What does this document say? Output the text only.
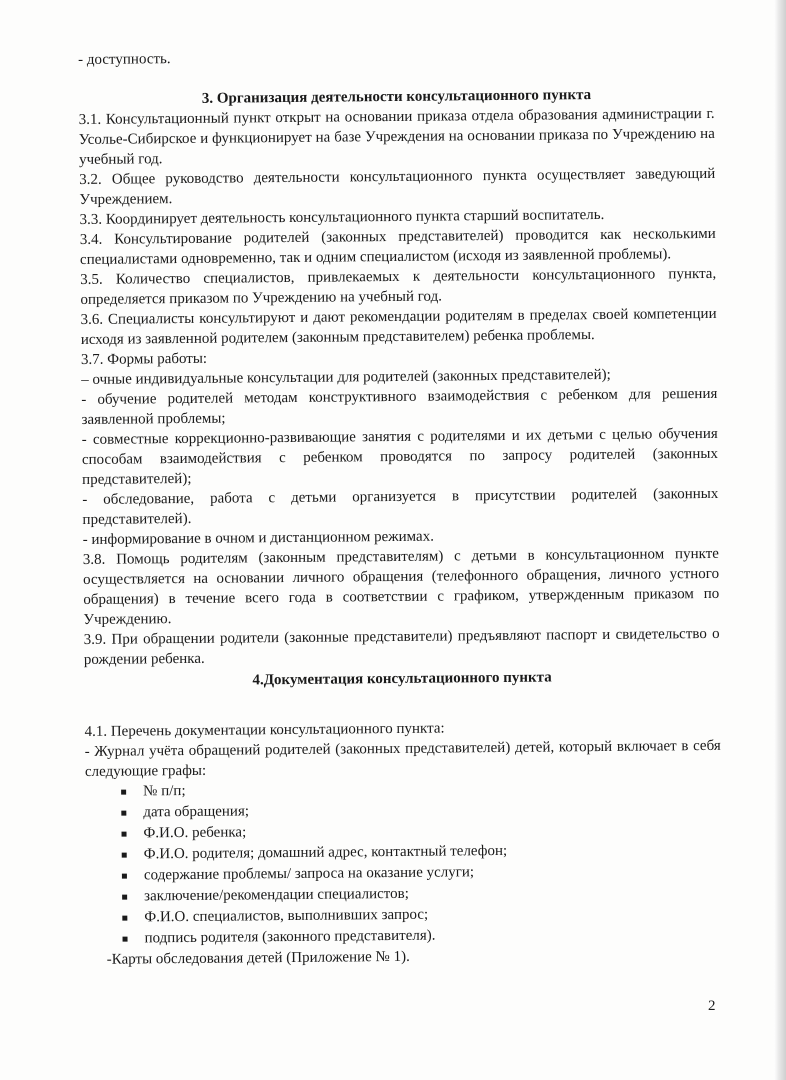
- доступность.

3. Организация деятельности консультационного пункта

3.1. Консультационный пункт открыт на основании приказа отдела образования администрации г. Усолье-Сибирское и функционирует на базе Учреждения на основании приказа по Учреждению на учебный год.

3.2. Общее руководство деятельности консультационного пункта осуществляет заведующий Учреждением.

3.3. Координирует деятельность консультационного пункта старший воспитатель.

3.4. Консультирование родителей (законных представителей) проводится как несколькими специалистами одновременно, так и одним специалистом (исходя из заявленной проблемы).

3.5. Количество специалистов, привлекаемых к деятельности консультационного пункта, определяется приказом по Учреждению на учебный год.

3.6. Специалисты консультируют и дают рекомендации родителям в пределах своей компетенции исходя из заявленной родителем (законным представителем) ребенка проблемы.

3.7. Формы работы:

– очные индивидуальные консультации для родителей (законных представителей);

- обучение родителей методам конструктивного взаимодействия с ребенком для решения заявленной проблемы;

- совместные коррекционно-развивающие занятия с родителями и их детьми с целью обучения способам взаимодействия с ребенком проводятся по запросу родителей (законных представителей);

- обследование, работа с детьми организуется в присутствии родителей (законных представителей).

- информирование в очном и дистанционном режимах.

3.8. Помощь родителям (законным представителям) с детьми в консультационном пункте осуществляется на основании личного обращения (телефонного обращения, личного устного обращения) в течение всего года в соответствии с графиком, утвержденным приказом по Учреждению.

3.9. При обращении родители (законные представители) предъявляют паспорт и свидетельство о рождении ребенка.

4.Документация консультационного пункта

4.1. Перечень документации консультационного пункта:

- Журнал учёта обращений родителей (законных представителей) детей, который включает в себя следующие графы:

№ п/п;
дата обращения;
Ф.И.О. ребенка;
Ф.И.О. родителя; домашний адрес, контактный телефон;
содержание проблемы/ запроса на оказание услуги;
заключение/рекомендации специалистов;
Ф.И.О. специалистов, выполнивших запрос;
подпись родителя (законного представителя).

-Карты обследования детей (Приложение № 1).

2
